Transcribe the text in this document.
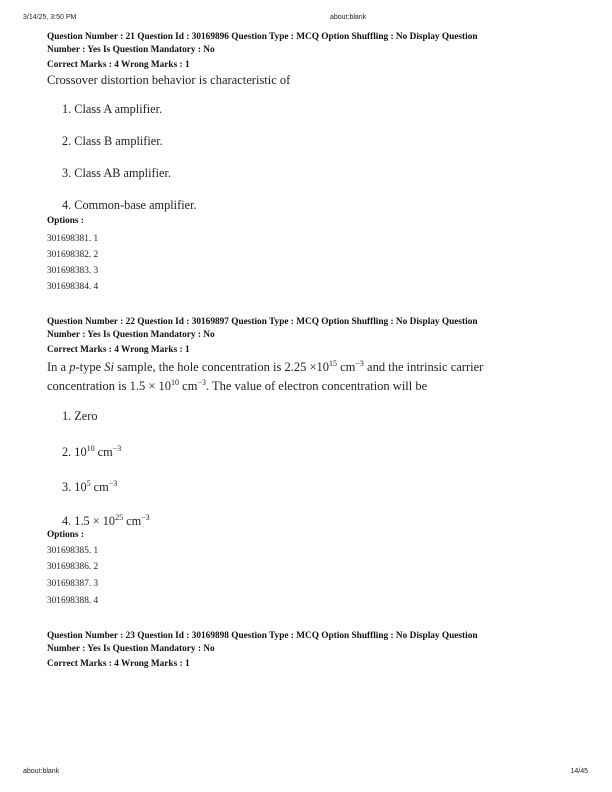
3/14/25, 3:50 PM	about:blank
Question Number : 21 Question Id : 30169896 Question Type : MCQ Option Shuffling : No Display Question
Number : Yes Is Question Mandatory : No
Correct Marks : 4 Wrong Marks : 1
Crossover distortion behavior is characteristic of
1. Class A amplifier.
2. Class B amplifier.
3. Class AB amplifier.
4. Common-base amplifier.
Options :
301698381. 1
301698382. 2
301698383. 3
301698384. 4
Question Number : 22 Question Id : 30169897 Question Type : MCQ Option Shuffling : No Display Question
Number : Yes Is Question Mandatory : No
Correct Marks : 4 Wrong Marks : 1
In a p-type Si sample, the hole concentration is $2.25 \times 10^{15}$ $cm^{-3}$ and the intrinsic carrier
concentration is $1.5 \times 10^{10}$ $cm^{-3}$. The value of electron concentration will be
1. Zero
2. $10^{10}$ $cm^{-3}$
3. $10^5$ $cm^{-3}$
4. $1.5 \times 10^{25}$ $cm^{-3}$
Options :
301698385. 1
301698386. 2
301698387. 3
301698388. 4
Question Number : 23 Question Id : 30169898 Question Type : MCQ Option Shuffling : No Display Question
Number : Yes Is Question Mandatory : No
Correct Marks : 4 Wrong Marks : 1
about:blank	14/45
